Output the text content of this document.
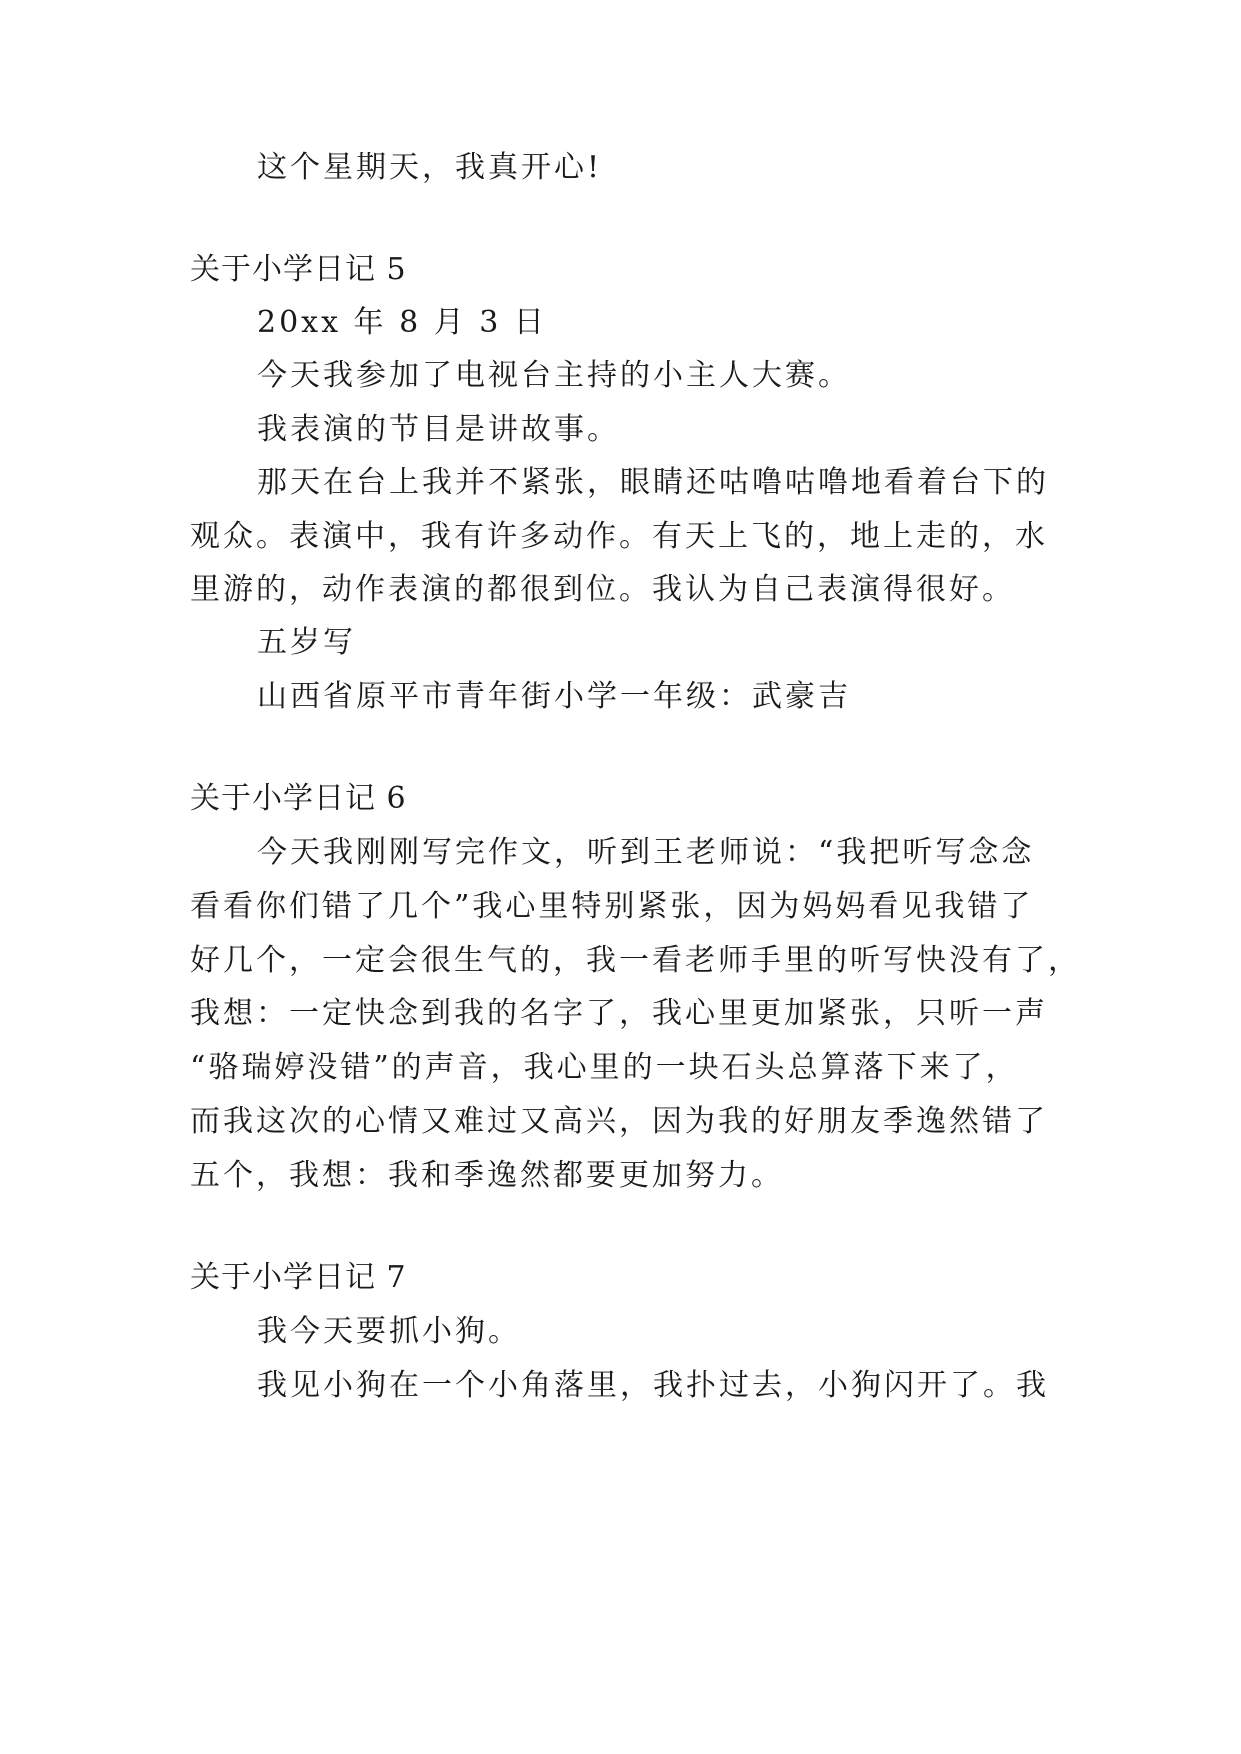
这个星期天，我真开心!
关于小学日记 5
20xx 年 8 月 3 日
今天我参加了电视台主持的小主人大赛。
我表演的节目是讲故事。
那天在台上我并不紧张，眼睛还咕噜咕噜地看着台下的
观众。表演中，我有许多动作。有天上飞的，地上走的，水
里游的，动作表演的都很到位。我认为自己表演得很好。
五岁写
山西省原平市青年街小学一年级：武豪吉
关于小学日记 6
今天我刚刚写完作文，听到王老师说：“我把听写念念
看看你们错了几个”我心里特别紧张，因为妈妈看见我错了
好几个，一定会很生气的，我一看老师手里的听写快没有了，
我想：一定快念到我的名字了，我心里更加紧张，只听一声
“骆瑞婷没错”的声音，我心里的一块石头总算落下来了，
而我这次的心情又难过又高兴，因为我的好朋友季逸然错了
五个，我想：我和季逸然都要更加努力。
关于小学日记 7
我今天要抓小狗。
我见小狗在一个小角落里，我扑过去，小狗闪开了。我
